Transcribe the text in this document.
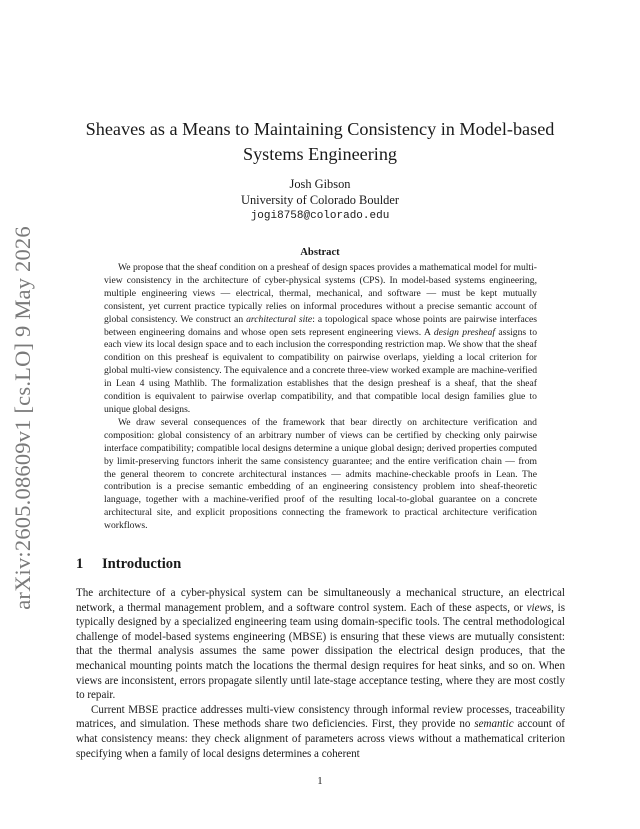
arXiv:2605.08609v1 [cs.LO] 9 May 2026
Sheaves as a Means to Maintaining Consistency in Model-based
Systems Engineering
Josh Gibson
University of Colorado Boulder
jogi8758@colorado.edu
Abstract

We propose that the sheaf condition on a presheaf of design spaces provides a mathematical model for multi-view consistency in the architecture of cyber-physical systems (CPS). In model-based systems engineering, multiple engineering views — electrical, thermal, mechanical, and software — must be kept mutually consistent, yet current practice typically relies on informal procedures without a precise semantic account of global consistency. We construct an architectural site: a topological space whose points are pairwise interfaces between engineering domains and whose open sets represent engineering views. A design presheaf assigns to each view its local design space and to each inclusion the corresponding restriction map. We show that the sheaf condition on this presheaf is equivalent to compatibility on pairwise overlaps, yielding a local criterion for global multi-view consistency. The equivalence and a concrete three-view worked example are machine-verified in Lean 4 using Mathlib. The formalization establishes that the design presheaf is a sheaf, that the sheaf condition is equivalent to pairwise overlap compatibility, and that compatible local design families glue to unique global designs.

We draw several consequences of the framework that bear directly on architecture verification and composition: global consistency of an arbitrary number of views can be certified by checking only pairwise interface compatibility; compatible local designs determine a unique global design; derived properties computed by limit-preserving functors inherit the same consistency guarantee; and the entire verification chain — from the general theorem to concrete architectural instances — admits machine-checkable proofs in Lean. The contribution is a precise semantic embedding of an engineering consistency problem into sheaf-theoretic language, together with a machine-verified proof of the resulting local-to-global guarantee on a concrete architectural site, and explicit propositions connecting the framework to practical architecture verification workflows.

1 Introduction

The architecture of a cyber-physical system can be simultaneously a mechanical structure, an electrical network, a thermal management problem, and a software control system. Each of these aspects, or views, is typically designed by a specialized engineering team using domain-specific tools. The central methodological challenge of model-based systems engineering (MBSE) is ensuring that these views are mutually consistent: that the thermal analysis assumes the same power dissipation the electrical design produces, that the mechanical mounting points match the locations the thermal design requires for heat sinks, and so on. When views are inconsistent, errors propagate silently until late-stage acceptance testing, where they are most costly to repair.

Current MBSE practice addresses multi-view consistency through informal review processes, traceability matrices, and simulation. These methods share two deficiencies. First, they provide no semantic account of what consistency means: they check alignment of parameters across views without a mathematical criterion specifying when a family of local designs determines a coherent

1
